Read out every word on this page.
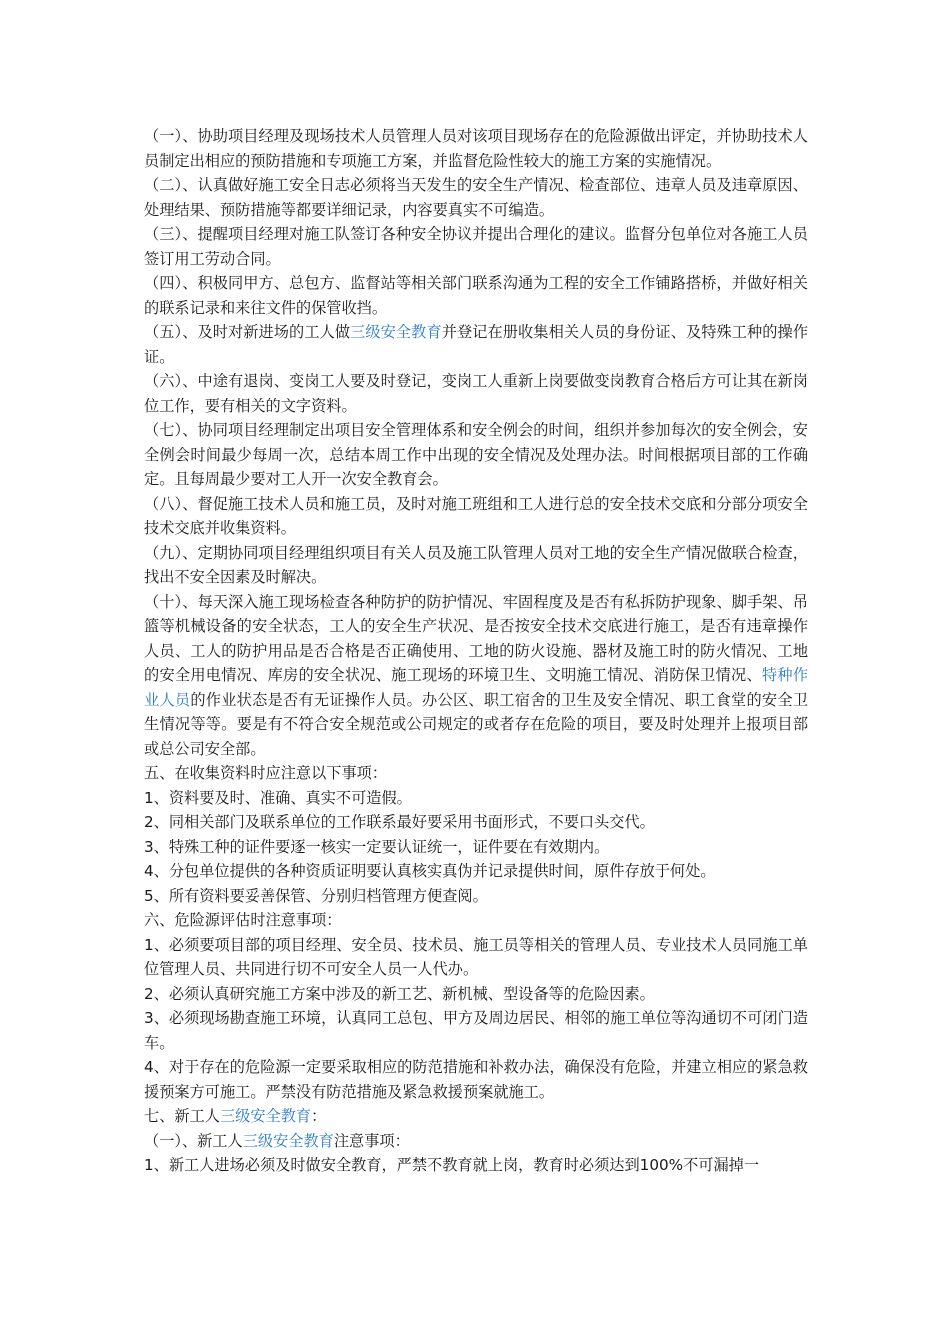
（一）、协助项目经理及现场技术人员管理人员对该项目现场存在的危险源做出评定，并协助技术人员制定出相应的预防措施和专项施工方案，并监督危险性较大的施工方案的实施情况。

（二）、认真做好施工安全日志必须将当天发生的安全生产情况、检查部位、违章人员及违章原因、处理结果、预防措施等都要详细记录，内容要真实不可编造。

（三）、提醒项目经理对施工队签订各种安全协议并提出合理化的建议。监督分包单位对各施工人员签订用工劳动合同。

（四）、积极同甲方、总包方、监督站等相关部门联系沟通为工程的安全工作铺路搭桥，并做好相关的联系记录和来往文件的保管收挡。

（五）、及时对新进场的工人做三级安全教育并登记在册收集相关人员的身份证、及特殊工种的操作证。

（六）、中途有退岗、变岗工人要及时登记，变岗工人重新上岗要做变岗教育合格后方可让其在新岗位工作，要有相关的文字资料。

（七）、协同项目经理制定出项目安全管理体系和安全例会的时间，组织并参加每次的安全例会，安全例会时间最少每周一次，总结本周工作中出现的安全情况及处理办法。时间根据项目部的工作确定。且每周最少要对工人开一次安全教育会。

（八）、督促施工技术人员和施工员，及时对施工班组和工人进行总的安全技术交底和分部分项安全技术交底并收集资料。

（九）、定期协同项目经理组织项目有关人员及施工队管理人员对工地的安全生产情况做联合检查，找出不安全因素及时解决。

（十）、每天深入施工现场检查各种防护的防护情况、牢固程度及是否有私拆防护现象、脚手架、吊篮等机械设备的安全状态，工人的安全生产状况、是否按安全技术交底进行施工，是否有违章操作人员、工人的防护用品是否合格是否正确使用、工地的防火设施、器材及施工时的防火情况、工地的安全用电情况、库房的安全状况、施工现场的环境卫生、文明施工情况、消防保卫情况、特种作业人员的作业状态是否有无证操作人员。办公区、职工宿舍的卫生及安全情况、职工食堂的安全卫生情况等等。要是有不符合安全规范或公司规定的或者存在危险的项目，要及时处理并上报项目部或总公司安全部。

五、在收集资料时应注意以下事项：

1、资料要及时、准确、真实不可造假。

2、同相关部门及联系单位的工作联系最好要采用书面形式，不要口头交代。

3、特殊工种的证件要逐一核实一定要认证统一，证件要在有效期内。

4、分包单位提供的各种资质证明要认真核实真伪并记录提供时间，原件存放于何处。

5、所有资料要妥善保管、分别归档管理方便查阅。

六、危险源评估时注意事项：

1、必须要项目部的项目经理、安全员、技术员、施工员等相关的管理人员、专业技术人员同施工单位管理人员、共同进行切不可安全人员一人代办。

2、必须认真研究施工方案中涉及的新工艺、新机械、型设备等的危险因素。

3、必须现场勘查施工环境，认真同工总包、甲方及周边居民、相邻的施工单位等沟通切不可闭门造车。

4、对于存在的危险源一定要采取相应的防范措施和补救办法，确保没有危险，并建立相应的紧急救援预案方可施工。严禁没有防范措施及紧急救援预案就施工。

七、新工人三级安全教育：

（一）、新工人三级安全教育注意事项：

1、新工人进场必须及时做安全教育，严禁不教育就上岗，教育时必须达到100%不可漏掉一
